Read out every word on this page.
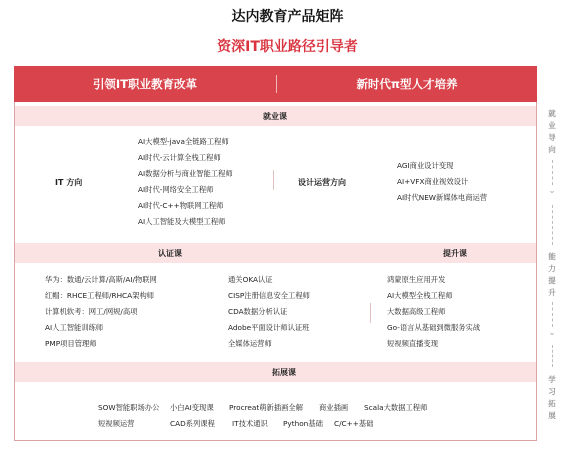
达内教育产品矩阵
资深IT职业路径引导者
引领IT职业教育改革	新时代π型人才培养
就业课
IT 方向
AI大模型-java全链路工程师
AI时代-云计算全栈工程师
AI数据分析与商业智能工程师
AI时代-网络安全工程师
AI时代-C++物联网工程师
AI人工智能及大模型工程师
设计运营方向
AGI商业设计变现
AI+VFX商业视效设计
AI时代NEW新媒体电商运营
认证课	提升课
华为：数通/云计算/高斯/AI/物联网
红帽：RHCE工程师/RHCA架构师
计算机软考：网工/网规/高项
AI人工智能训练师
PMP项目管理师
通关OKA认证
CISP注册信息安全工程师
CDA数据分析认证
Adobe平面设计师认证班
全媒体运营师
鸿蒙原生应用开发
AI大模型全栈工程师
大数据高级工程师
Go-语言从基础到微服务实战
短视频直播变现
拓展课
SOW智能职场办公 小白AI变现课 Procreat萌新插画全解 商业插画 Scala大数据工程师
短视频运营	CAD系列课程 IT技术通识 Python基础 C/C++基础
就业导向
⌄
能力提升
⌄
学习拓展
